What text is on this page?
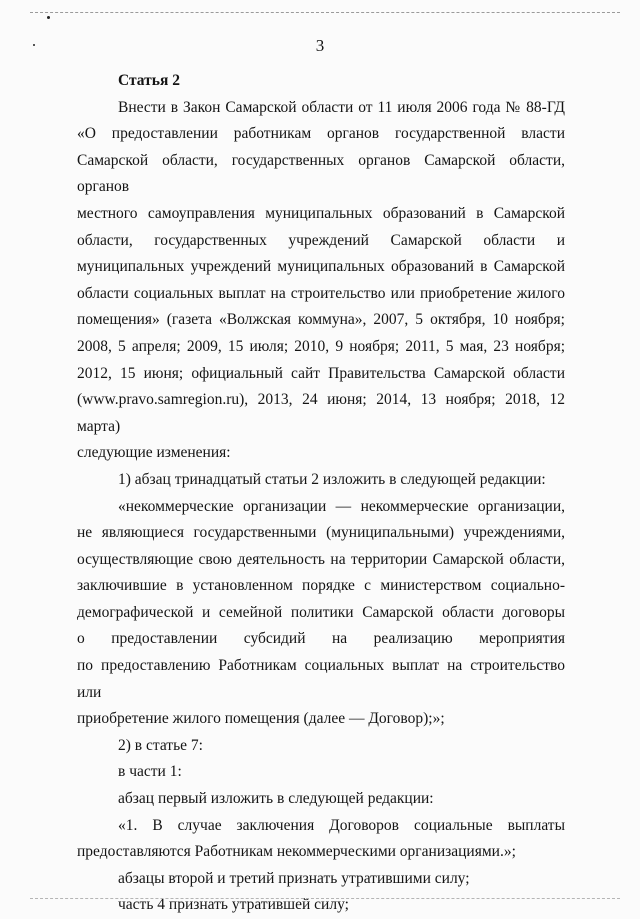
3

Статья 2

Внести в Закон Самарской области от 11 июля 2006 года № 88-ГД

«О предоставлении работникам органов государственной власти

Самарской области, государственных органов Самарской области, органов

местного самоуправления муниципальных образований в Самарской

области, государственных учреждений Самарской области и

муниципальных учреждений муниципальных образований в Самарской

области социальных выплат на строительство или приобретение жилого

помещения» (газета «Волжская коммуна», 2007, 5 октября, 10 ноября;

2008, 5 апреля; 2009, 15 июля; 2010, 9 ноября; 2011, 5 мая, 23 ноября;

2012, 15 июня; официальный сайт Правительства Самарской области

(www.pravo.samregion.ru), 2013, 24 июня; 2014, 13 ноября; 2018, 12 марта)

следующие изменения:

1) абзац тринадцатый статьи 2 изложить в следующей редакции:

«некоммерческие организации — некоммерческие организации,

не являющиеся государственными (муниципальными) учреждениями,

осуществляющие свою деятельность на территории Самарской области,

заключившие в установленном порядке с министерством социально-

демографической и семейной политики Самарской области договоры

о предоставлении субсидий на реализацию мероприятия

по предоставлению Работникам социальных выплат на строительство или

приобретение жилого помещения (далее — Договор);»;

2) в статье 7:

в части 1:

абзац первый изложить в следующей редакции:

«1. В случае заключения Договоров социальные выплаты

предоставляются Работникам некоммерческими организациями.»;

абзацы второй и третий признать утратившими силу;

часть 4 признать утратившей силу;
